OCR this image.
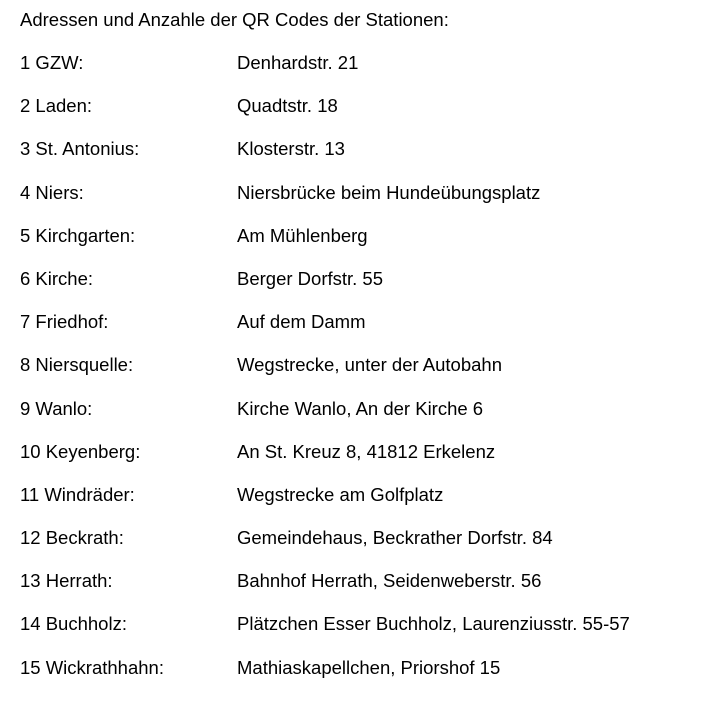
Adressen und Anzahle der QR Codes der Stationen:
1 GZW:	Denhardstr. 21
2 Laden:	Quadtstr. 18
3 St. Antonius:	Klosterstr. 13
4 Niers:	Niersbrücke beim Hundeübungsplatz
5 Kirchgarten:	Am Mühlenberg
6 Kirche:	Berger Dorfstr. 55
7 Friedhof:	Auf dem Damm
8 Niersquelle:	Wegstrecke, unter der Autobahn
9 Wanlo:	Kirche Wanlo, An der Kirche 6
10 Keyenberg:	An St. Kreuz 8, 41812 Erkelenz
11 Windräder:	Wegstrecke am Golfplatz
12 Beckrath:	Gemeindehaus, Beckrather Dorfstr. 84
13 Herrath:	Bahnhof Herrath, Seidenweberstr. 56
14 Buchholz:	Plätzchen Esser Buchholz, Laurenziusstr. 55-57
15 Wickrathhahn:	Mathiaskapellchen, Priorshof 15
